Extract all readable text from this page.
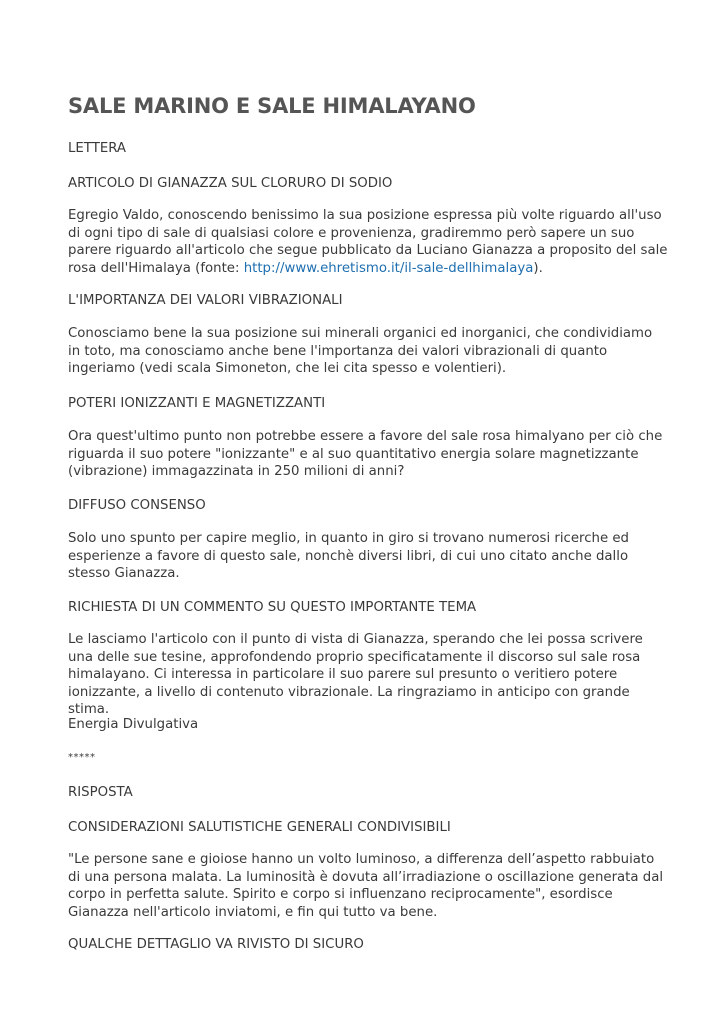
SALE MARINO E SALE HIMALAYANO

LETTERA

ARTICOLO DI GIANAZZA SUL CLORURO DI SODIO

Egregio Valdo, conoscendo benissimo la sua posizione espressa più volte riguardo all'uso di ogni tipo di sale di qualsiasi colore e provenienza, gradiremmo però sapere un suo parere riguardo all'articolo che segue pubblicato da Luciano Gianazza a proposito del sale rosa dell'Himalaya (fonte: http://www.ehretismo.it/il-sale-dellhimalaya).

L'IMPORTANZA DEI VALORI VIBRAZIONALI

Conosciamo bene la sua posizione sui minerali organici ed inorganici, che condividiamo in toto, ma conosciamo anche bene l'importanza dei valori vibrazionali di quanto ingeriamo (vedi scala Simoneton, che lei cita spesso e volentieri).

POTERI IONIZZANTI E MAGNETIZZANTI

Ora quest'ultimo punto non potrebbe essere a favore del sale rosa himalyano per ciò che riguarda il suo potere "ionizzante" e al suo quantitativo energia solare magnetizzante (vibrazione) immagazzinata in 250 milioni di anni?

DIFFUSO CONSENSO

Solo uno spunto per capire meglio, in quanto in giro si trovano numerosi ricerche ed esperienze a favore di questo sale, nonchè diversi libri, di cui uno citato anche dallo stesso Gianazza.

RICHIESTA DI UN COMMENTO SU QUESTO IMPORTANTE TEMA

Le lasciamo l'articolo con il punto di vista di Gianazza, sperando che lei possa scrivere una delle sue tesine, approfondendo proprio specificatamente il discorso sul sale rosa himalayano. Ci interessa in particolare il suo parere sul presunto o veritiero potere ionizzante, a livello di contenuto vibrazionale. La ringraziamo in anticipo con grande stima.

Energia Divulgativa

*****

RISPOSTA

CONSIDERAZIONI SALUTISTICHE GENERALI CONDIVISIBILI

"Le persone sane e gioiose hanno un volto luminoso, a differenza dell’aspetto rabbuiato di una persona malata. La luminosità è dovuta all’irradiazione o oscillazione generata dal corpo in perfetta salute. Spirito e corpo si influenzano reciprocamente", esordisce Gianazza nell'articolo inviatomi, e fin qui tutto va bene.

QUALCHE DETTAGLIO VA RIVISTO DI SICURO
